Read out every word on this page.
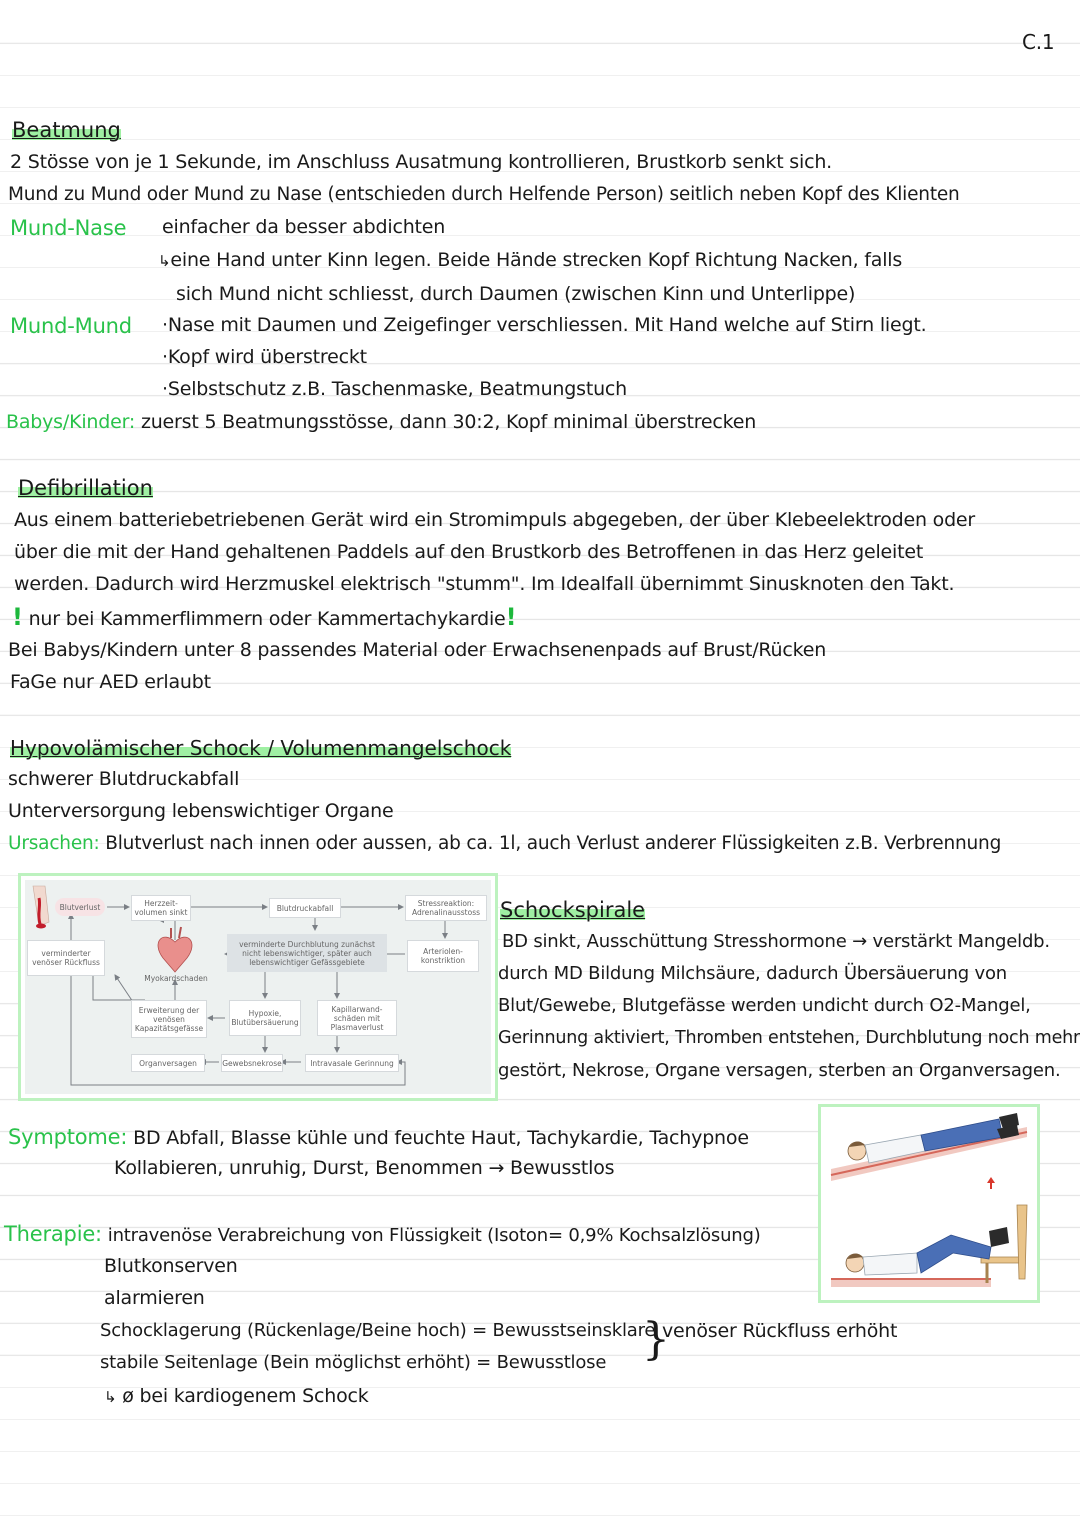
C.1
Beatmung
2 Stösse von je 1 Sekunde, im Anschluss Ausatmung kontrollieren, Brustkorb senkt sich.
Mund zu Mund oder Mund zu Nase (entschieden durch Helfende Person) seitlich neben Kopf des Klienten
Mund-Nase einfacher da besser abdichten
↳eine Hand unter Kinn legen. Beide Hände strecken Kopf Richtung Nacken, falls
sich Mund nicht schliesst, durch Daumen (zwischen Kinn und Unterlippe)
Mund-Mund ·Nase mit Daumen und Zeigefinger verschliessen. Mit Hand welche auf Stirn liegt.
·Kopf wird überstreckt
·Selbstschutz z.B. Taschenmaske, Beatmungstuch
Babys/Kinder: zuerst 5 Beatmungsstösse, dann 30:2, Kopf minimal überstrecken
Defibrillation
Aus einem batteriebetriebenen Gerät wird ein Stromimpuls abgegeben, der über Klebeelektroden oder
über die mit der Hand gehaltenen Paddels auf den Brustkorb des Betroffenen in das Herz geleitet
werden. Dadurch wird Herzmuskel elektrisch "stumm". Im Idealfall übernimmt Sinusknoten den Takt.
! nur bei Kammerflimmern oder Kammertachykardie!
Bei Babys/Kindern unter 8 passendes Material oder Erwachsenenpads auf Brust/Rücken
FaGe nur AED erlaubt
Hypovolämischer Schock / Volumenmangelschock
schwerer Blutdruckabfall
Unterversorgung lebenswichtiger Organe
Ursachen: Blutverlust nach innen oder aussen, ab ca. 1l, auch Verlust anderer Flüssigkeiten z.B. Verbrennung
Blutverlust	Herzzeit-volumen sinkt	Blutdruckabfall	Stressreaktion: Adrenalinausstoss
verminderter venöser Rückfluss
Myokardschaden
verminderte Durchblutung zunächst nicht lebenswichtiger, später auch lebenswichtiger Gefässgebiete
Arteriolen-konstriktion
Erweiterung der venösen Kapazitätsgefässe
Hypoxie, Blutübersäuerung
Kapillarwand-schäden mit Plasmaverlust
Organversagen	Gewebsnekrose	Intravasale Gerinnung
Schockspirale
BD sinkt, Ausschüttung Stresshormone → verstärkt Mangeldb.
durch MD Bildung Milchsäure, dadurch Übersäuerung von
Blut/Gewebe, Blutgefässe werden undicht durch O2-Mangel,
Gerinnung aktiviert, Thromben entstehen, Durchblutung noch mehr
gestört, Nekrose, Organe versagen, sterben an Organversagen.
Symptome: BD Abfall, Blasse kühle und feuchte Haut, Tachykardie, Tachypnoe
Kollabieren, unruhig, Durst, Benommen → Bewusstlos
Therapie: intravenöse Verabreichung von Flüssigkeit (Isoton= 0,9% Kochsalzlösung)
Blutkonserven
alarmieren
Schocklagerung (Rückenlage/Beine hoch) = Bewusstseinsklare
stabile Seitenlage (Bein möglichst erhöht) = Bewusstlose }
venöser Rückfluss erhöht
↳ ø bei kardiogenem Schock
